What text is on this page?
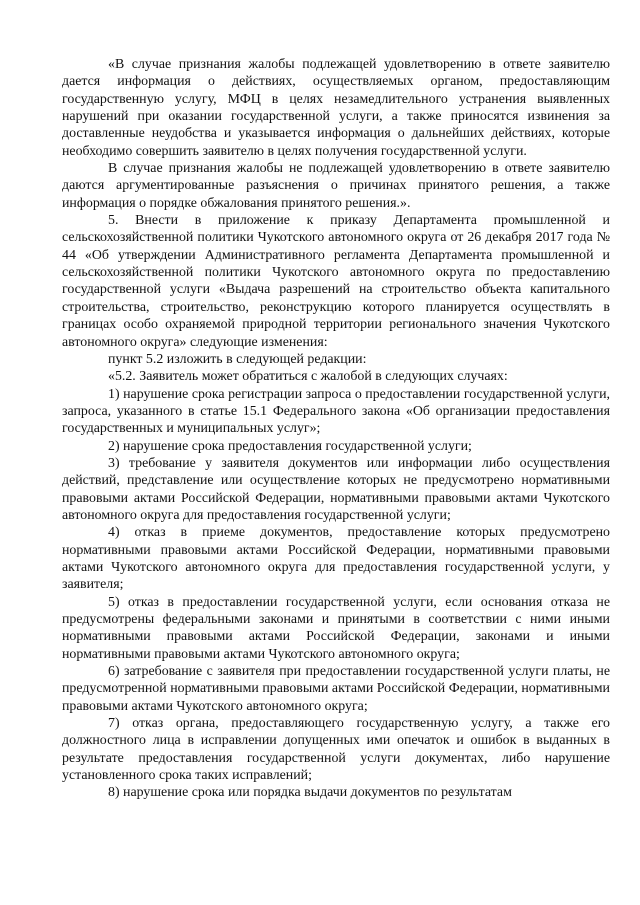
«В случае признания жалобы подлежащей удовлетворению в ответе заявителю дается информация о действиях, осуществляемых органом, предоставляющим государственную услугу, МФЦ в целях незамедлительного устранения выявленных нарушений при оказании государственной услуги, а также приносятся извинения за доставленные неудобства и указывается информация о дальнейших действиях, которые необходимо совершить заявителю в целях получения государственной услуги.

В случае признания жалобы не подлежащей удовлетворению в ответе заявителю даются аргументированные разъяснения о причинах принятого решения, а также информация о порядке обжалования принятого решения.».

5. Внести в приложение к приказу Департамента промышленной и сельскохозяйственной политики Чукотского автономного округа от 26 декабря 2017 года № 44 «Об утверждении Административного регламента Департамента промышленной и сельскохозяйственной политики Чукотского автономного округа по предоставлению государственной услуги «Выдача разрешений на строительство объекта капитального строительства, строительство, реконструкцию которого планируется осуществлять в границах особо охраняемой природной территории регионального значения Чукотского автономного округа» следующие изменения:

пункт 5.2 изложить в следующей редакции:

«5.2. Заявитель может обратиться с жалобой в следующих случаях:

1) нарушение срока регистрации запроса о предоставлении государственной услуги, запроса, указанного в статье 15.1 Федерального закона «Об организации предоставления государственных и муниципальных услуг»;

2) нарушение срока предоставления государственной услуги;

3) требование у заявителя документов или информации либо осуществления действий, представление или осуществление которых не предусмотрено нормативными правовыми актами Российской Федерации, нормативными правовыми актами Чукотского автономного округа для предоставления государственной услуги;

4) отказ в приеме документов, предоставление которых предусмотрено нормативными правовыми актами Российской Федерации, нормативными правовыми актами Чукотского автономного округа для предоставления государственной услуги, у заявителя;

5) отказ в предоставлении государственной услуги, если основания отказа не предусмотрены федеральными законами и принятыми в соответствии с ними иными нормативными правовыми актами Российской Федерации, законами и иными нормативными правовыми актами Чукотского автономного округа;

6) затребование с заявителя при предоставлении государственной услуги платы, не предусмотренной нормативными правовыми актами Российской Федерации, нормативными правовыми актами Чукотского автономного округа;

7) отказ органа, предоставляющего государственную услугу, а также его должностного лица в исправлении допущенных ими опечаток и ошибок в выданных в результате предоставления государственной услуги документах, либо нарушение установленного срока таких исправлений;

8) нарушение срока или порядка выдачи документов по результатам
